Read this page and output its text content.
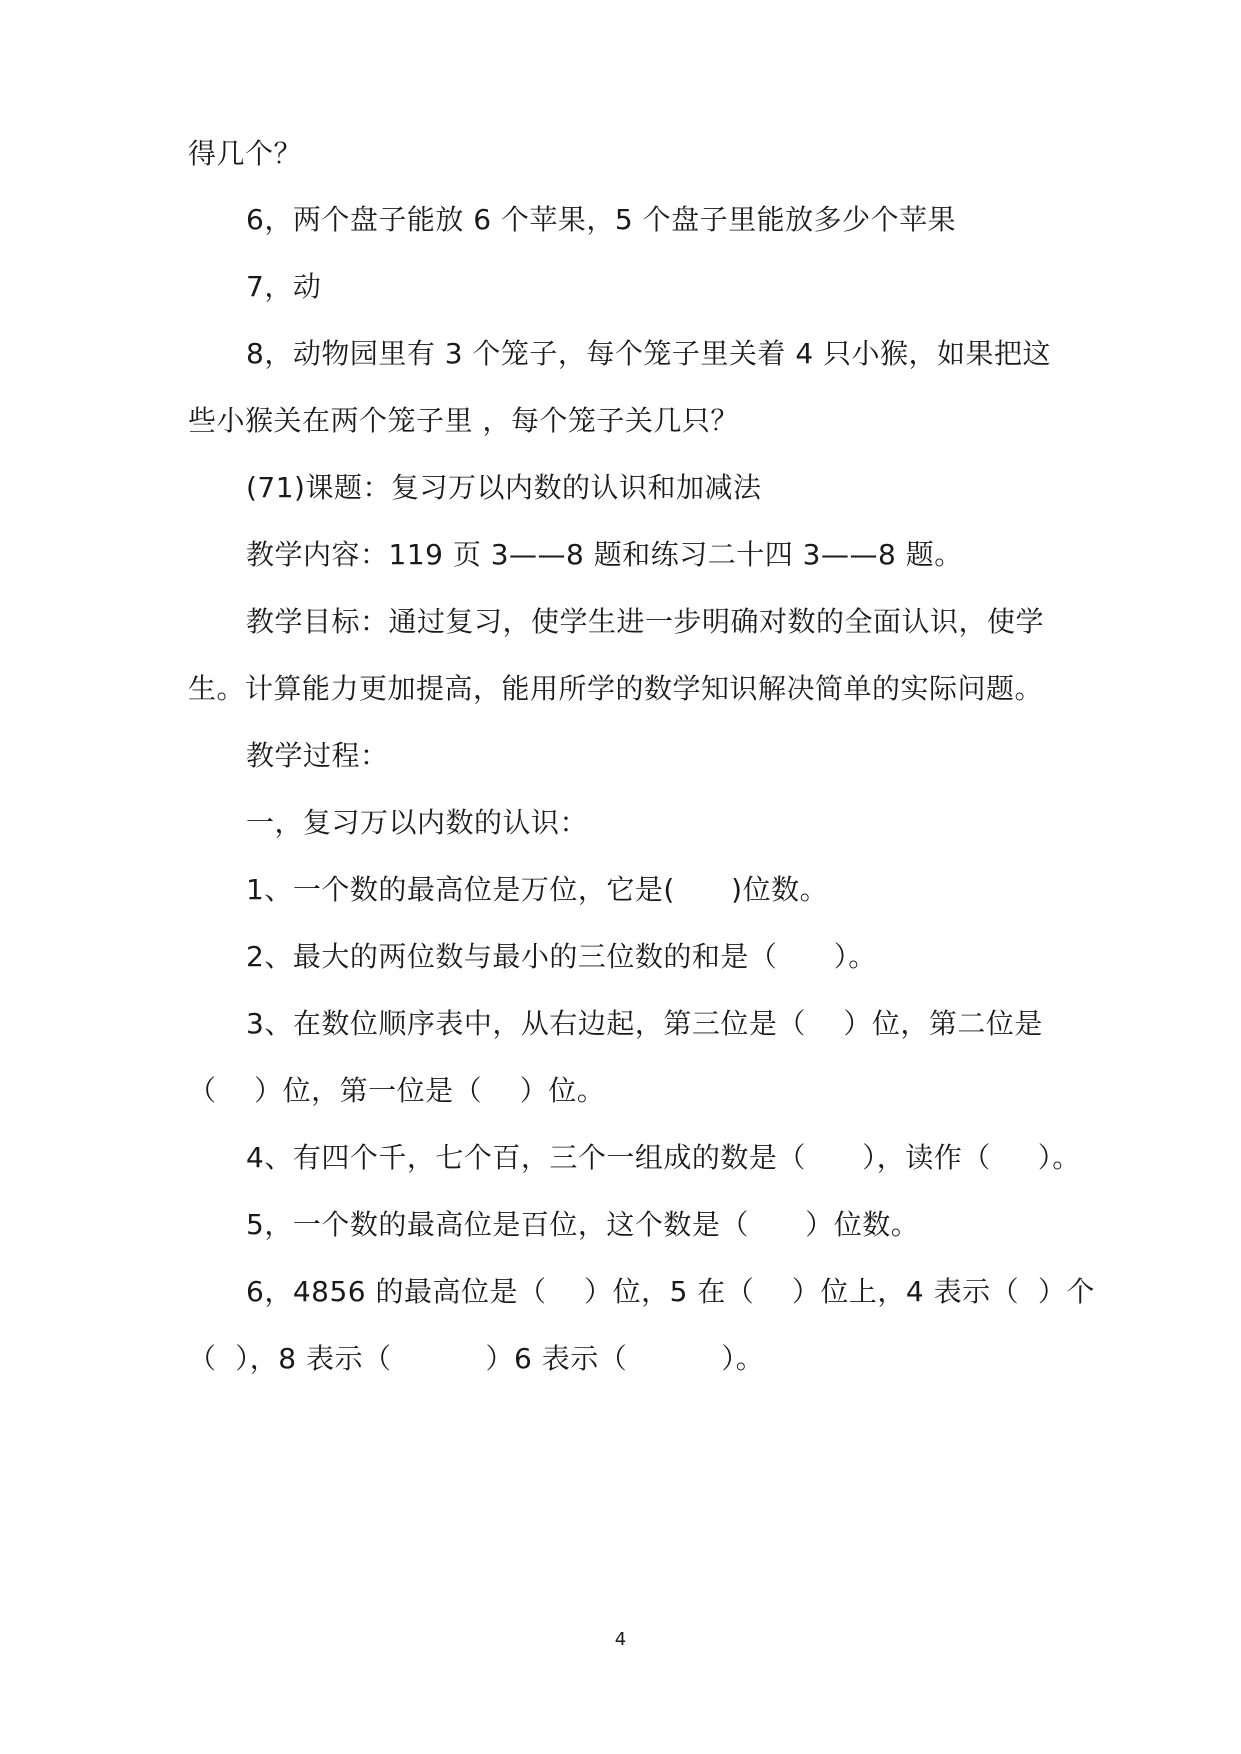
得几个？
6，两个盘子能放 6 个苹果，5 个盘子里能放多少个苹果
7，动
8，动物园里有 3 个笼子，每个笼子里关着 4 只小猴，如果把这
些小猴关在两个笼子里 ，每个笼子关几只？
(71)课题：复习万以内数的认识和加减法
教学内容：119 页 3——8 题和练习二十四 3——8 题。
教学目标：通过复习，使学生进一步明确对数的全面认识，使学
生。计算能力更加提高，能用所学的数学知识解决简单的实际问题。
教学过程：
一，复习万以内数的认识：
1、一个数的最高位是万位，它是(      )位数。
2、最大的两位数与最小的三位数的和是（      ）。
3、在数位顺序表中，从右边起，第三位是（    ）位，第二位是
（    ）位，第一位是（    ）位。
4、有四个千，七个百，三个一组成的数是（      ），读作（     ）。
5，一个数的最高位是百位，这个数是（      ）位数。
6，4856 的最高位是（    ）位，5 在（    ）位上，4 表示（  ）个
（  ），8 表示（          ）6 表示（          ）。
4
